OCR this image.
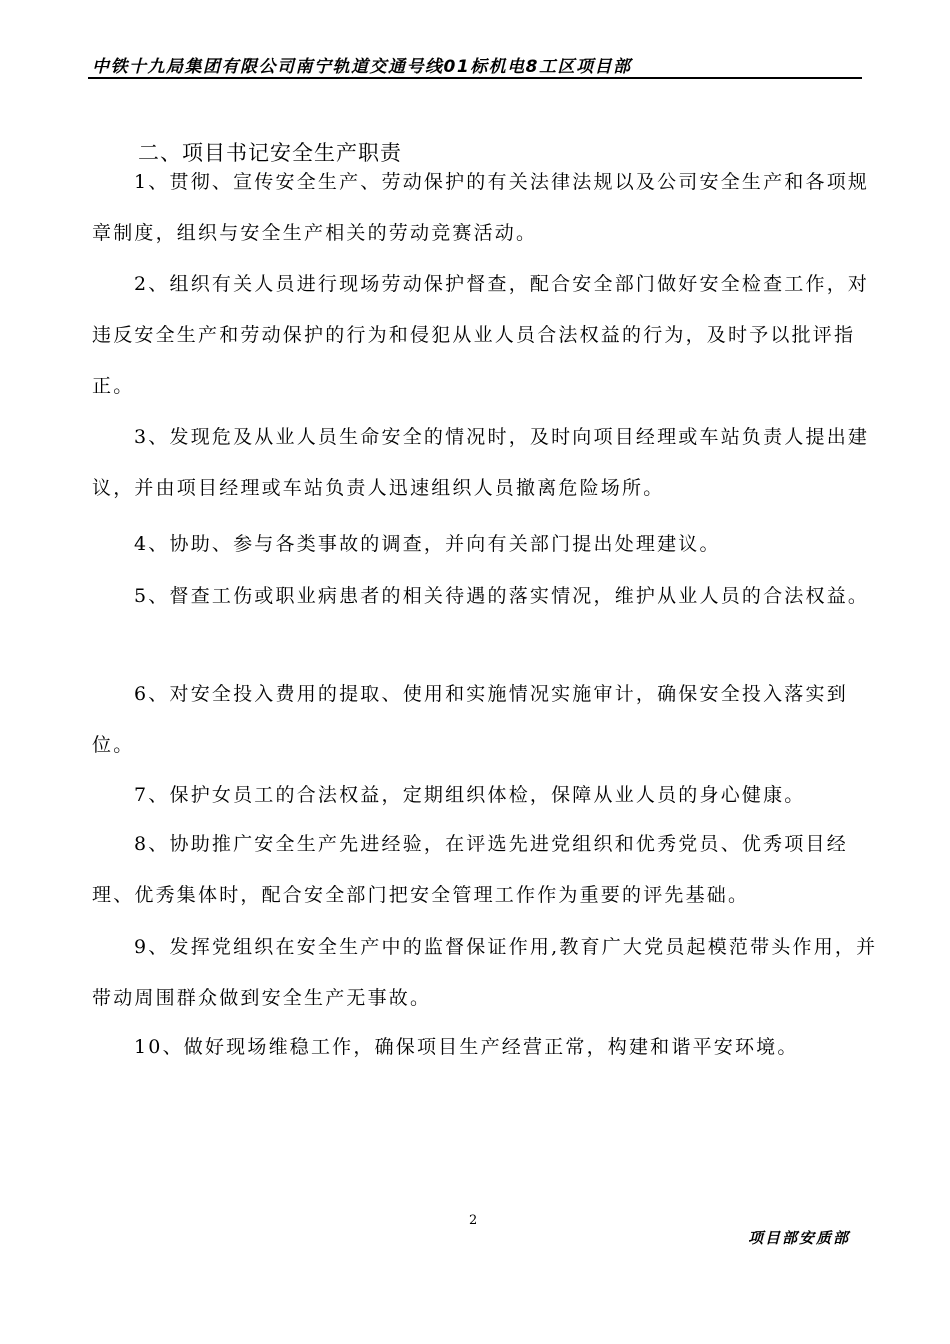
中铁十九局集团有限公司南宁轨道交通号线01标机电8工区项目部
二、项目书记安全生产职责

1、贯彻、宣传安全生产、劳动保护的有关法律法规以及公司安全生产和各项规章制度，组织与安全生产相关的劳动竞赛活动。

2、组织有关人员进行现场劳动保护督查，配合安全部门做好安全检查工作，对违反安全生产和劳动保护的行为和侵犯从业人员合法权益的行为，及时予以批评指正。

3、发现危及从业人员生命安全的情况时，及时向项目经理或车站负责人提出建议，并由项目经理或车站负责人迅速组织人员撤离危险场所。

4、协助、参与各类事故的调查，并向有关部门提出处理建议。

5、督查工伤或职业病患者的相关待遇的落实情况，维护从业人员的合法权益。

6、对安全投入费用的提取、使用和实施情况实施审计，确保安全投入落实到位。

7、保护女员工的合法权益，定期组织体检，保障从业人员的身心健康。

8、协助推广安全生产先进经验，在评选先进党组织和优秀党员、优秀项目经理、优秀集体时，配合安全部门把安全管理工作作为重要的评先基础。

9、发挥党组织在安全生产中的监督保证作用,教育广大党员起模范带头作用，并带动周围群众做到安全生产无事故。

10、做好现场维稳工作，确保项目生产经营正常，构建和谐平安环境。

2
项目部安质部
